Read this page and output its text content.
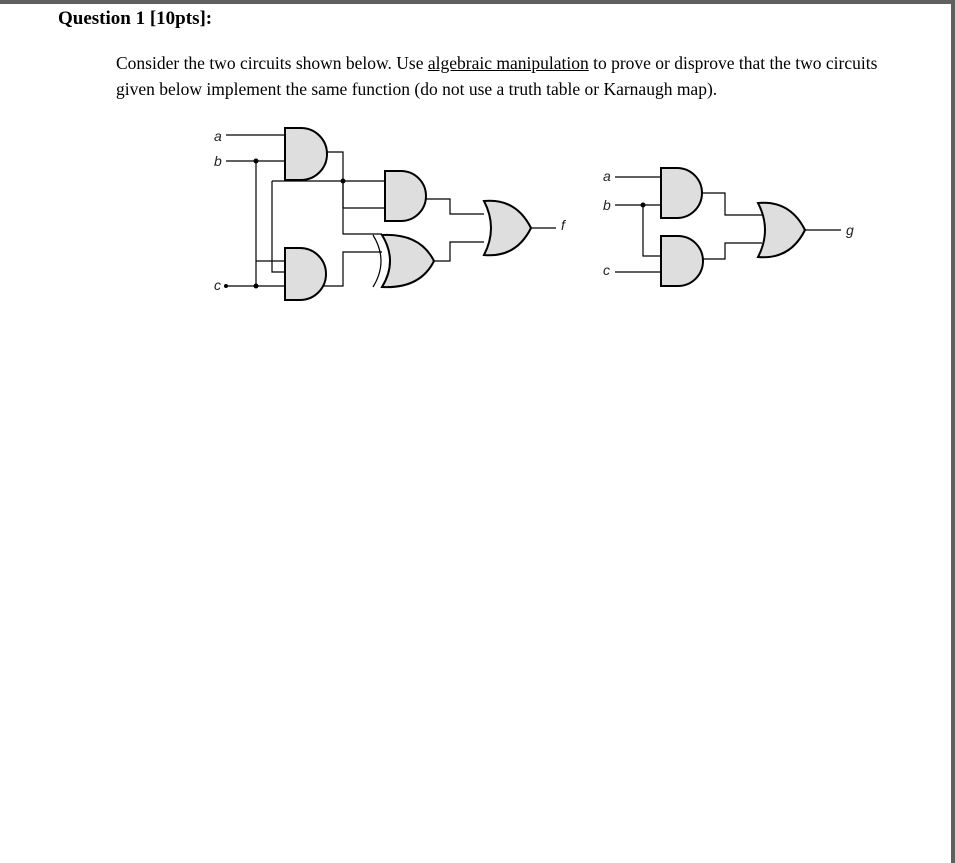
Question 1 [10pts]:

Consider the two circuits shown below. Use algebraic manipulation to prove or disprove that the two circuits given below implement the same function (do not use a truth table or Karnaugh map).

a
b
c
f
a
b
c
g
